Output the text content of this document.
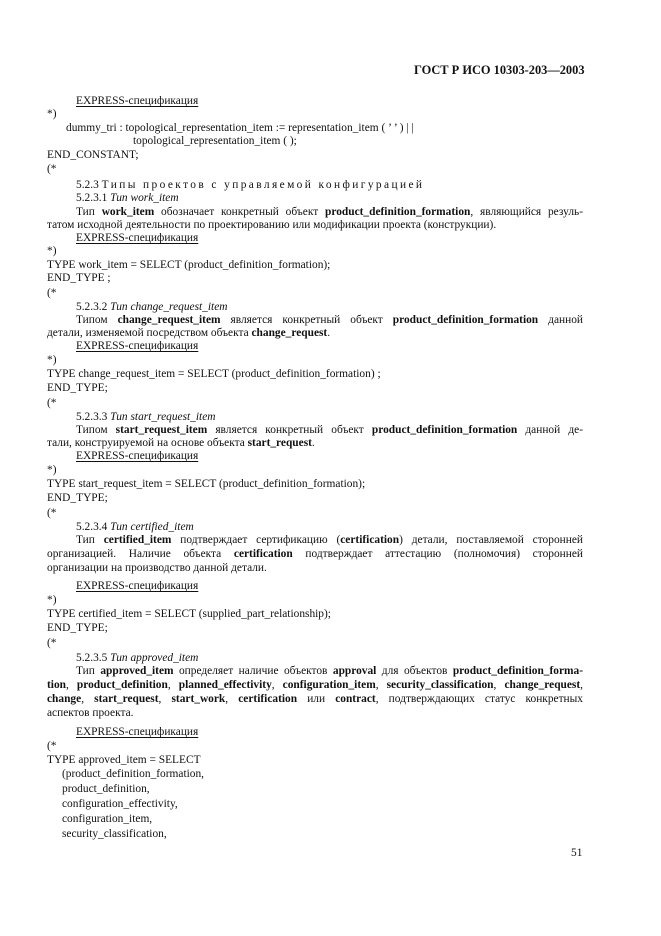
ГОСТ Р ИСО 10303-203—2003
EXPRESS-спецификация
*)
dummy_tri : topological_representation_item := representation_item ( ’ ’ ) | |
topological_representation_item ( );
END_CONSTANT;
(*
5.2.3 Типы проектов с управляемой конфигурацией
5.2.3.1 Тип work_item
Тип work_item обозначает конкретный объект product_definition_formation, являющийся резуль-
татом исходной деятельности по проектированию или модификации проекта (конструкции).
EXPRESS-спецификация
*)
TYPE work_item = SELECT (product_definition_formation);
END_TYPE ;
(*
5.2.3.2 Тип change_request_item
Типом change_request_item является конкретный объект product_definition_formation данной
детали, изменяемой посредством объекта change_request.
EXPRESS-спецификация
*)
TYPE change_request_item = SELECT (product_definition_formation) ;
END_TYPE;
(*
5.2.3.3 Тип start_request_item
Типом start_request_item является конкретный объект product_definition_formation данной де-
тали, конструируемой на основе объекта start_request.
EXPRESS-спецификация
*)
TYPE start_request_item = SELECT (product_definition_formation);
END_TYPE;
(*
5.2.3.4 Тип certified_item
Тип certified_item подтверждает сертификацию (certification) детали, поставляемой сторонней
организацией. Наличие объекта certification подтверждает аттестацию (полномочия) сторонней
организации на производство данной детали.
EXPRESS-спецификация
*)
TYPE certified_item = SELECT (supplied_part_relationship);
END_TYPE;
(*
5.2.3.5 Тип approved_item
Тип approved_item определяет наличие объектов approval для объектов product_definition_forma-
tion, product_definition, planned_effectivity, configuration_item, security_classification, change_request,
change, start_request, start_work, certification или contract, подтверждающих статус конкретных
аспектов проекта.
EXPRESS-спецификация
(*
TYPE approved_item = SELECT
(product_definition_formation,
product_definition,
configuration_effectivity,
configuration_item,
security_classification,
51
